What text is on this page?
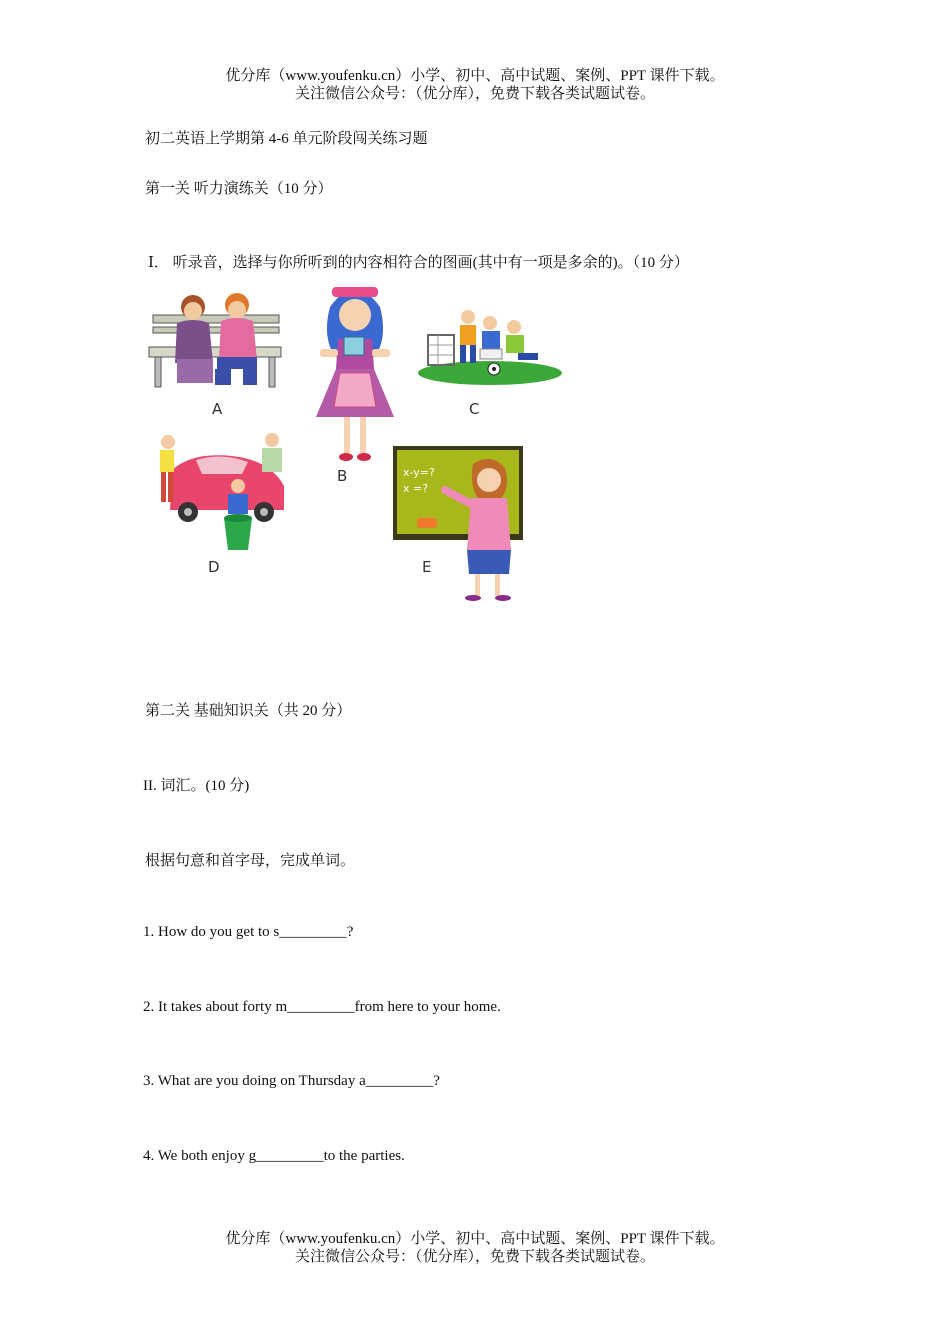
优分库（www.youfenku.cn）小学、初中、高中试题、案例、PPT 课件下载。
关注微信公众号：（优分库），免费下载各类试题试卷。
初二英语上学期第 4-6 单元阶段闯关练习题
第一关 听力演练关（10 分）
Ⅰ． 听录音，选择与你所听到的内容相符合的图画(其中有一项是多余的)。（10 分）
A
B
C
D
x-y=?
x =?
E
第二关 基础知识关（共 20 分）
II. 词汇。(10 分)
根据句意和首字母，完成单词。
1. How do you get to s_________?
2. It takes about forty m_________from here to your home.
3. What are you doing on Thursday a_________?
4. We both enjoy g_________to the parties.
优分库（www.youfenku.cn）小学、初中、高中试题、案例、PPT 课件下载。
关注微信公众号：（优分库），免费下载各类试题试卷。
